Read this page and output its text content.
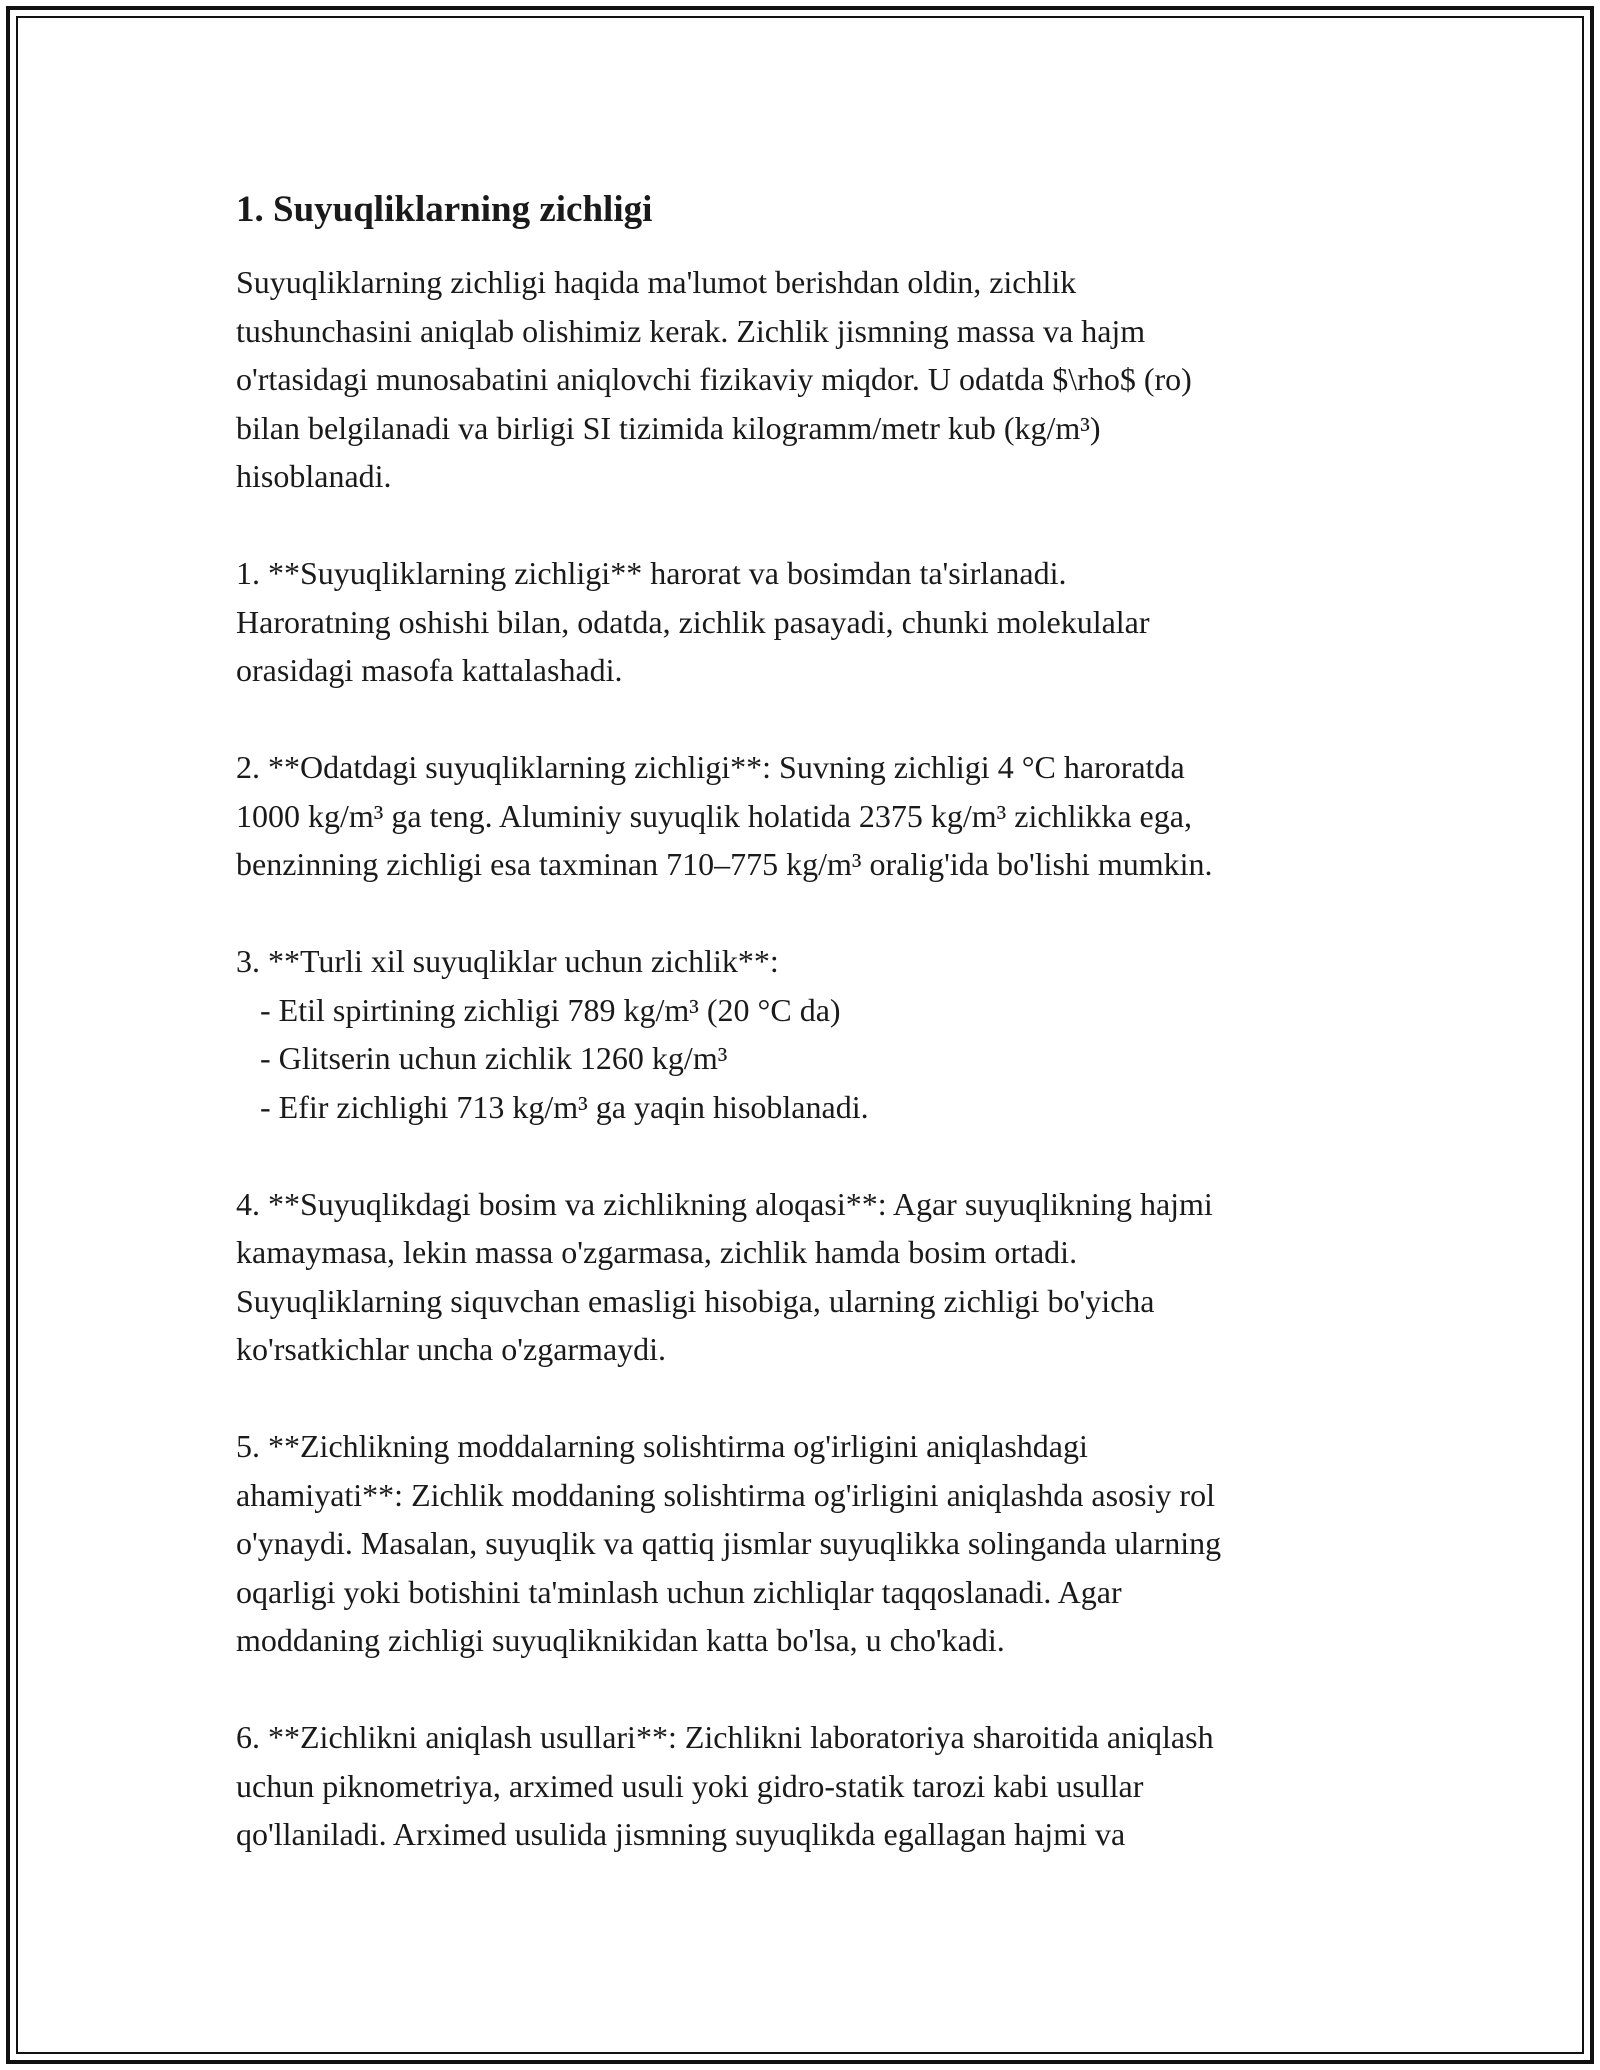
1. Suyuqliklarning zichligi
Suyuqliklarning zichligi haqida ma'lumot berishdan oldin, zichlik
tushunchasini aniqlab olishimiz kerak. Zichlik jismning massa va hajm
o'rtasidagi munosabatini aniqlovchi fizikaviy miqdor. U odatda $\rho$ (ro)
bilan belgilanadi va birligi SI tizimida kilogramm/metr kub (kg/m³)
hisoblanadi.
1. **Suyuqliklarning zichligi** harorat va bosimdan ta'sirlanadi.
Haroratning oshishi bilan, odatda, zichlik pasayadi, chunki molekulalar
orasidagi masofa kattalashadi.
2. **Odatdagi suyuqliklarning zichligi**: Suvning zichligi 4 °C haroratda
1000 kg/m³ ga teng. Aluminiy suyuqlik holatida 2375 kg/m³ zichlikka ega,
benzinning zichligi esa taxminan 710–775 kg/m³ oralig'ida bo'lishi mumkin.
3. **Turli xil suyuqliklar uchun zichlik**:
- Etil spirtining zichligi 789 kg/m³ (20 °C da)
- Glitserin uchun zichlik 1260 kg/m³
- Efir zichlighi 713 kg/m³ ga yaqin hisoblanadi.
4. **Suyuqlikdagi bosim va zichlikning aloqasi**: Agar suyuqlikning hajmi
kamaymasa, lekin massa o'zgarmasa, zichlik hamda bosim ortadi.
Suyuqliklarning siquvchan emasligi hisobiga, ularning zichligi bo'yicha
ko'rsatkichlar uncha o'zgarmaydi.
5. **Zichlikning moddalarning solishtirma og'irligini aniqlashdagi
ahamiyati**: Zichlik moddaning solishtirma og'irligini aniqlashda asosiy rol
o'ynaydi. Masalan, suyuqlik va qattiq jismlar suyuqlikka solinganda ularning
oqarligi yoki botishini ta'minlash uchun zichliqlar taqqoslanadi. Agar
moddaning zichligi suyuqliknikidan katta bo'lsa, u cho'kadi.
6. **Zichlikni aniqlash usullari**: Zichlikni laboratoriya sharoitida aniqlash
uchun piknometriya, arximed usuli yoki gidro-statik tarozi kabi usullar
qo'llaniladi. Arximed usulida jismning suyuqlikda egallagan hajmi va
